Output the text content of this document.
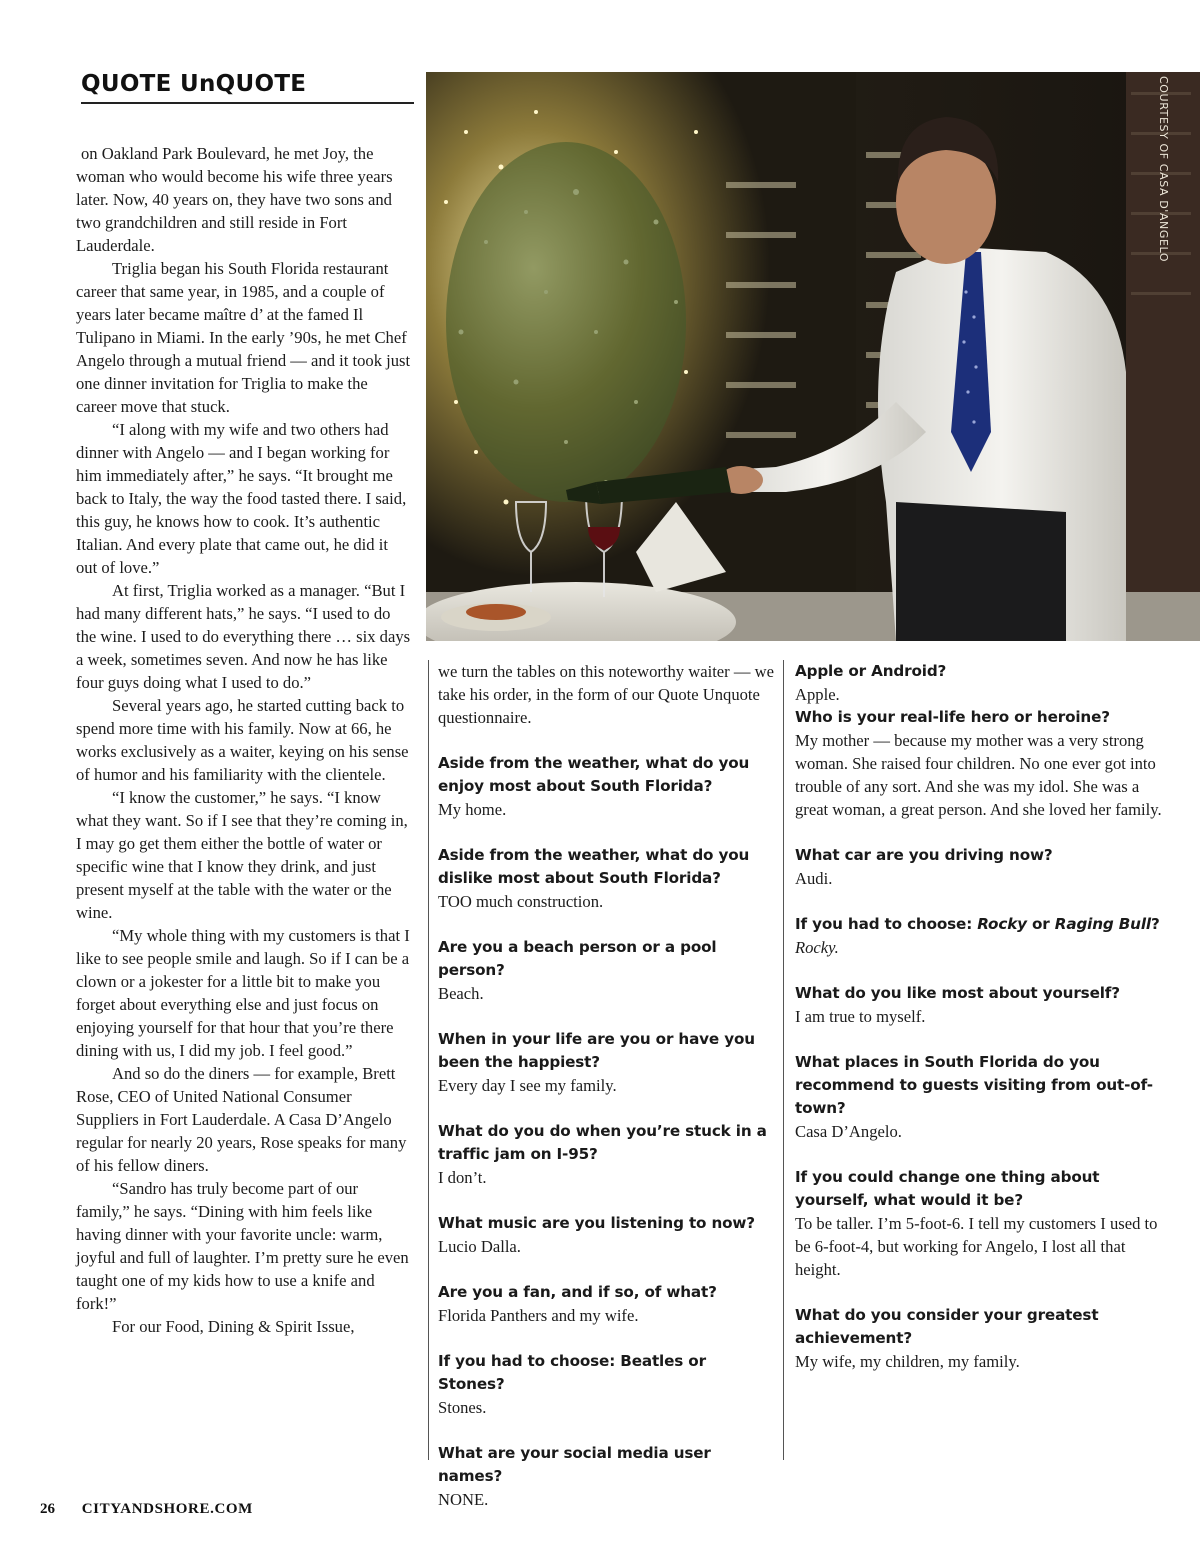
QUOTE UnQUOTE

on Oakland Park Boulevard, he met Joy, the woman who would become his wife three years later. Now, 40 years on, they have two sons and two grandchildren and still reside in Fort Lauderdale.

Triglia began his South Florida restaurant career that same year, in 1985, and a couple of years later became maître d’ at the famed Il Tulipano in Miami. In the early ’90s, he met Chef Angelo through a mutual friend — and it took just one dinner invitation for Triglia to make the career move that stuck.

“I along with my wife and two others had dinner with Angelo — and I began working for him immediately after,” he says. “It brought me back to Italy, the way the food tasted there. I said, this guy, he knows how to cook. It’s authentic Italian. And every plate that came out, he did it out of love.”

At first, Triglia worked as a manager. “But I had many different hats,” he says. “I used to do the wine. I used to do everything there … six days a week, sometimes seven. And now he has like four guys doing what I used to do.”

Several years ago, he started cutting back to spend more time with his family. Now at 66, he works exclusively as a waiter, keying on his sense of humor and his familiarity with the clientele.

“I know the customer,” he says. “I know what they want. So if I see that they’re coming in, I may go get them either the bottle of water or specific wine that I know they drink, and just present myself at the table with the water or the wine.

“My whole thing with my customers is that I like to see people smile and laugh. So if I can be a clown or a jokester for a little bit to make you forget about everything else and just focus on enjoying yourself for that hour that you’re there dining with us, I did my job. I feel good.”

And so do the diners — for example, Brett Rose, CEO of United National Consumer Suppliers in Fort Lauderdale. A Casa D’Angelo regular for nearly 20 years, Rose speaks for many of his fellow diners.

“Sandro has truly become part of our family,” he says. “Dining with him feels like having dinner with your favorite uncle: warm, joyful and full of laughter. I’m pretty sure he even taught one of my kids how to use a knife and fork!”

For our Food, Dining & Spirit Issue,

COURTESY OF CASA D'ANGELO
we turn the tables on this noteworthy waiter — we take his order, in the form of our Quote Unquote questionnaire.
Aside from the weather, what do you enjoy most about South Florida?
My home.
Aside from the weather, what do you dislike most about South Florida?
TOO much construction.
Are you a beach person or a pool person?
Beach.
When in your life are you or have you been the happiest?
Every day I see my family.
What do you do when you’re stuck in a traffic jam on I-95?
I don’t.
What music are you listening to now?
Lucio Dalla.
Are you a fan, and if so, of what?
Florida Panthers and my wife.
If you had to choose: Beatles or Stones?
Stones.
What are your social media user names?
NONE.
Apple or Android?
Apple.
Who is your real-life hero or heroine?
My mother — because my mother was a very strong woman. She raised four children. No one ever got into trouble of any sort. And she was my idol. She was a great woman, a great person. And she loved her family.
What car are you driving now?
Audi.
If you had to choose: Rocky or Raging Bull?
Rocky.
What do you like most about yourself?
I am true to myself.
What places in South Florida do you recommend to guests visiting from out-of-town?
Casa D’Angelo.
If you could change one thing about yourself, what would it be?
To be taller. I’m 5-foot-6. I tell my customers I used to be 6-foot-4, but working for Angelo, I lost all that height.
What do you consider your greatest achievement?
My wife, my children, my family.
26 CITYANDSHORE.COM
